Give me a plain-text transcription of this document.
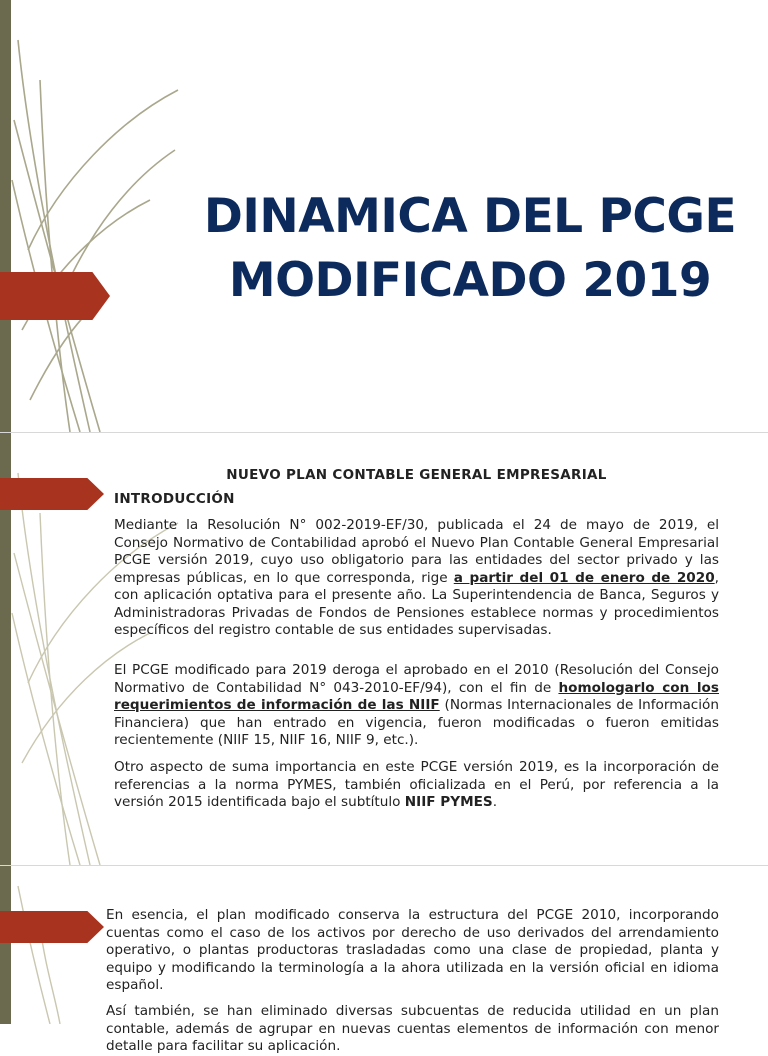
DINAMICA DEL PCGE
MODIFICADO 2019
NUEVO PLAN CONTABLE GENERAL EMPRESARIAL
INTRODUCCIÓN
Mediante la Resolución N° 002-2019-EF/30, publicada el 24 de mayo de 2019, el Consejo Normativo de Contabilidad aprobó el Nuevo Plan Contable General Empresarial PCGE versión 2019, cuyo uso obligatorio para las entidades del sector privado y las empresas públicas, en lo que corresponda, rige a partir del 01 de enero de 2020, con aplicación optativa para el presente año. La Superintendencia de Banca, Seguros y Administradoras Privadas de Fondos de Pensiones establece normas y procedimientos específicos del registro contable de sus entidades supervisadas.
El PCGE modificado para 2019 deroga el aprobado en el 2010 (Resolución del Consejo Normativo de Contabilidad N° 043-2010-EF/94), con el fin de homologarlo con los requerimientos de información de las NIIF (Normas Internacionales de Información Financiera) que han entrado en vigencia, fueron modificadas o fueron emitidas recientemente (NIIF 15, NIIF 16, NIIF 9, etc.).
Otro aspecto de suma importancia en este PCGE versión 2019, es la incorporación de referencias a la norma PYMES, también oficializada en el Perú, por referencia a la versión 2015 identificada bajo el subtítulo NIIF PYMES.
En esencia, el plan modificado conserva la estructura del PCGE 2010, incorporando cuentas como el caso de los activos por derecho de uso derivados del arrendamiento operativo, o plantas productoras trasladadas como una clase de propiedad, planta y equipo y modificando la terminología a la ahora utilizada en la versión oficial en idioma español.
Así también, se han eliminado diversas subcuentas de reducida utilidad en un plan contable, además de agrupar en nuevas cuentas elementos de información con menor detalle para facilitar su aplicación.
